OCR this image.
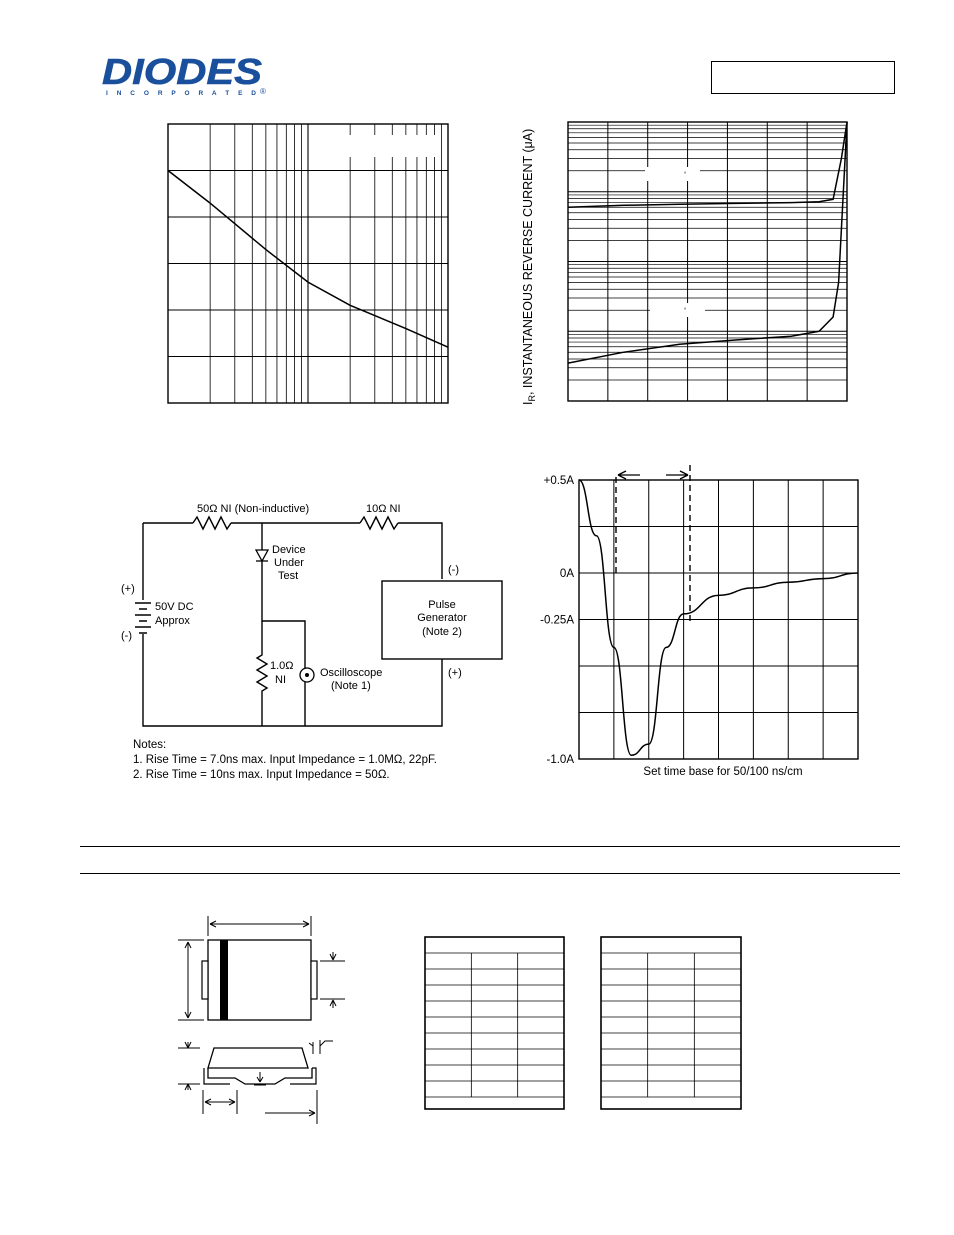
DIODES
I N C O R P O R A T E D ®
$I_R$, INSTANTANEOUS REVERSE CURRENT (μA)
°
°
(+)
(-)
50V DC
Approx
Device
Under
Test
1.0Ω
NI
Oscilloscope
(Note 1)
Pulse
Generator
(Note 2)
(-)
(+)
50Ω NI (Non-inductive)	10Ω NI
Notes:
1. Rise Time = 7.0ns max. Input Impedance = 1.0MΩ, 22pF.
2. Rise Time = 10ns max. Input Impedance = 50Ω.
+0.5A
0A
-0.25A
-1.0A
Set time base for 50/100 ns/cm
